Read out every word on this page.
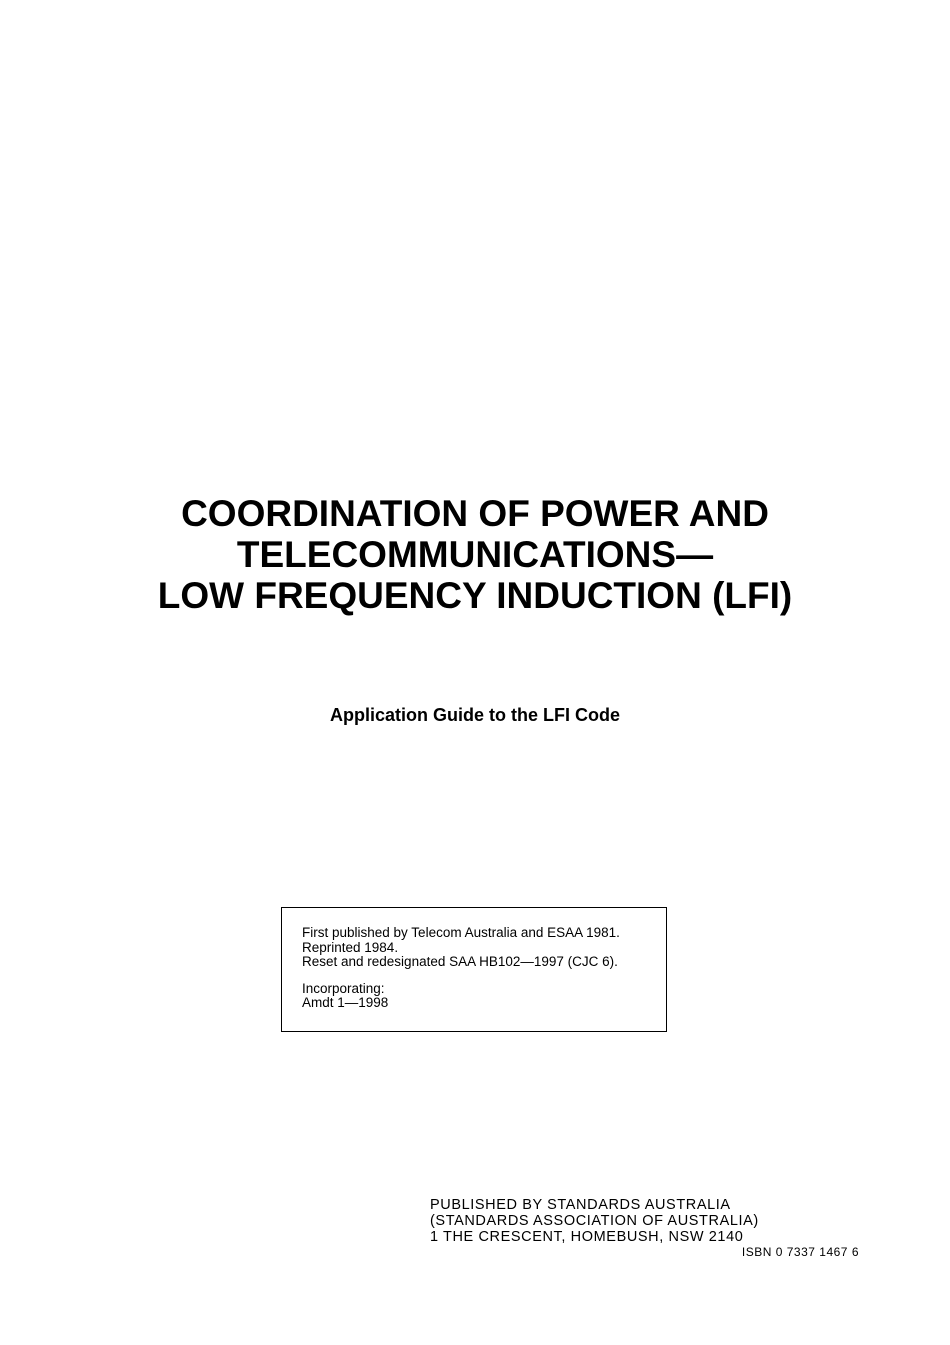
COORDINATION OF POWER AND
TELECOMMUNICATIONS—
LOW FREQUENCY INDUCTION (LFI)
Application Guide to the LFI Code
First published by Telecom Australia and ESAA 1981.
Reprinted 1984.
Reset and redesignated SAA HB102—1997 (CJC 6).
Incorporating:
Amdt 1—1998
PUBLISHED BY STANDARDS AUSTRALIA
(STANDARDS ASSOCIATION OF AUSTRALIA)
1 THE CRESCENT, HOMEBUSH, NSW 2140
ISBN 0 7337 1467 6
